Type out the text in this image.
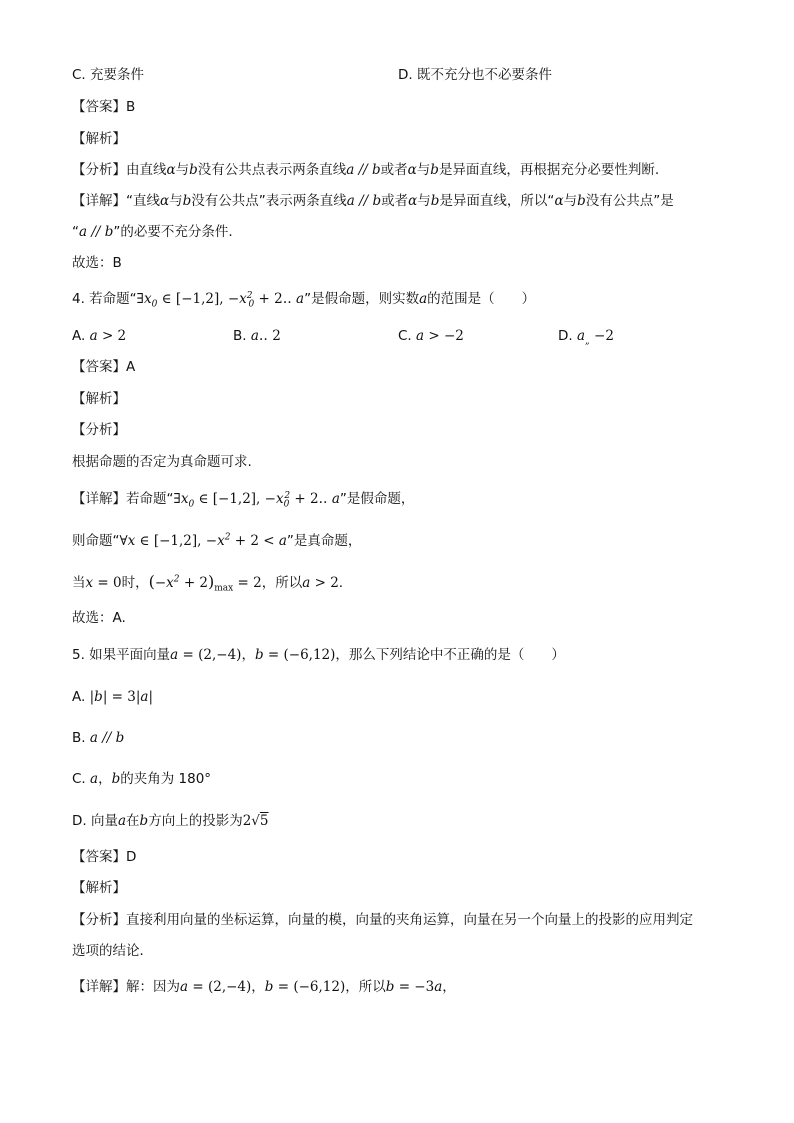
C. 充要条件	D. 既不充分也不必要条件
【答案】B
【解析】
【分析】由直线α与b没有公共点表示两条直线a // b或者α与b是异面直线，再根据充分必要性判断.
【详解】“直线α与b没有公共点”表示两条直线a // b或者α与b是异面直线，所以“α与b没有公共点”是
“a // b”的必要不充分条件.
故选：B
4. 若命题“$\exists x_0$ ∈ [−1,2], $-x_{20}$ + 2‥ a”是假命题，则实数a的范围是（　　）
A. a > 2	B. a‥ 2	C. a > −2	D. $a_„ -2$
【答案】A
【解析】
【分析】
根据命题的否定为真命题可求.
【详解】若命题“$\exists x_0$ ∈ [−1,2], $-x_0^2$ + 2‥ a”是假命题，
则命题“∀x ∈ [−1,2], $-x^2 + 2 < a$”是真命题，
当x = 0时，$(-x^2 + 2)_{max} = 2$，所以a > 2.
故选：A.
5. 如果平面向量a = (2,−4)，b = (−6,12)，那么下列结论中不正确的是（　　）
A. |b| = 3|a|
B. a // b
C. a，b的夹角为 180°
D. 向量a在b方向上的投影为2√5
【答案】D
【解析】
【分析】直接利用向量的坐标运算，向量的模，向量的夹角运算，向量在另一个向量上的投影的应用判定
选项的结论．
【详解】解：因为a = (2,−4)，b = (−6,12)，所以b = −3a，
